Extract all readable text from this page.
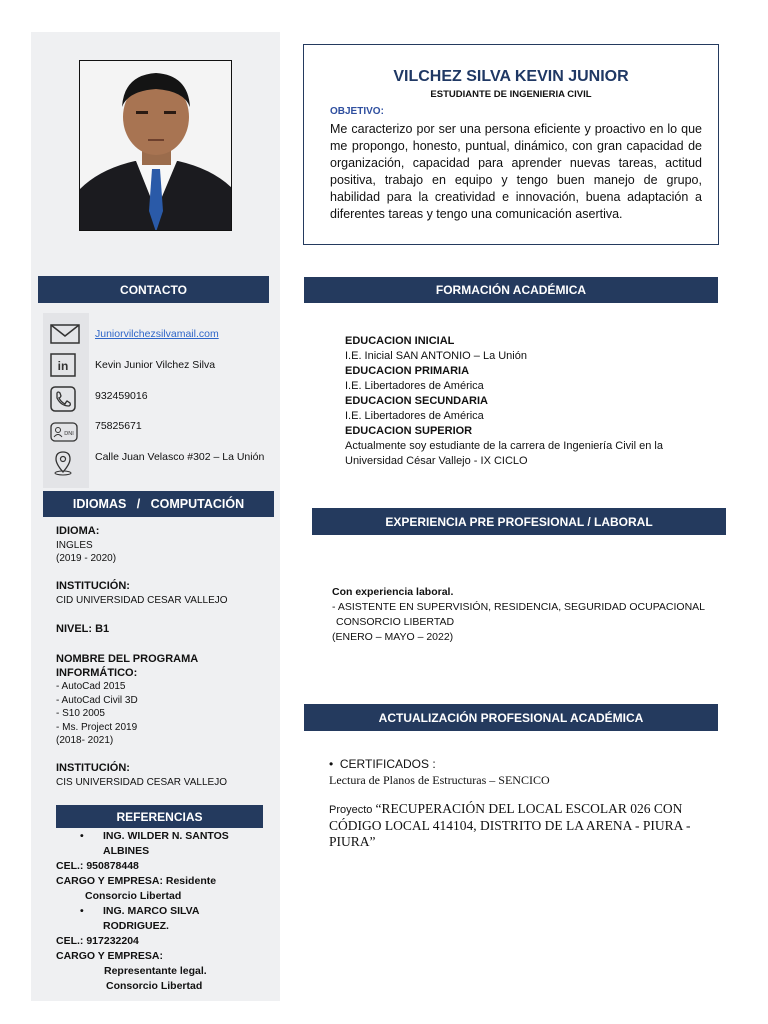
CONTACTO
Juniorvilchezsilvamail.com
in	Kevin Junior Vilchez Silva
932459016
DNI
75825671
Calle Juan Velasco #302 – La Unión
IDIOMAS   /   COMPUTACIÓN
IDIOMA:
INGLES
(2019 - 2020)
INSTITUCIÓN:
CID UNIVERSIDAD CESAR VALLEJO
NIVEL: B1
NOMBRE DEL PROGRAMA
INFORMÁTICO:
- AutoCad 2015
- AutoCad Civil 3D
- S10 2005
- Ms. Project 2019
(2018- 2021)
INSTITUCIÓN:
CIS UNIVERSIDAD CESAR VALLEJO
REFERENCIAS
• ING. WILDER N. SANTOS
ALBINES
CEL.: 950878448
CARGO Y EMPRESA: Residente
Consorcio Libertad
• ING. MARCO SILVA
RODRIGUEZ.
CEL.: 917232204
CARGO Y EMPRESA:
Representante legal.
Consorcio Libertad
VILCHEZ SILVA KEVIN JUNIOR
ESTUDIANTE DE INGENIERIA CIVIL
OBJETIVO:
Me caracterizo por ser una persona eficiente y proactivo en lo que me propongo, honesto, puntual, dinámico, con gran capacidad de organización, capacidad para aprender nuevas tareas, actitud positiva, trabajo en equipo y tengo buen manejo de grupo, habilidad para la creatividad e innovación, buena adaptación a diferentes tareas y tengo una comunicación asertiva.
FORMACIÓN ACADÉMICA
EDUCACION INICIAL
I.E. Inicial SAN ANTONIO – La Unión
EDUCACION PRIMARIA
I.E. Libertadores de América
EDUCACION SECUNDARIA
I.E. Libertadores de América
EDUCACION SUPERIOR
Actualmente soy estudiante de la carrera de Ingeniería Civil en la
Universidad César Vallejo - IX CICLO
EXPERIENCIA PRE PROFESIONAL / LABORAL
Con experiencia laboral.
- ASISTENTE EN SUPERVISIÓN, RESIDENCIA, SEGURIDAD OCUPACIONAL
CONSORCIO LIBERTAD
(ENERO – MAYO – 2022)
ACTUALIZACIÓN PROFESIONAL ACADÉMICA
•  CERTIFICADOS :
Lectura de Planos de Estructuras – SENCICO
Proyecto “RECUPERACIÓN DEL LOCAL ESCOLAR 026 CON CÓDIGO LOCAL 414104, DISTRITO DE LA ARENA - PIURA - PIURA”
